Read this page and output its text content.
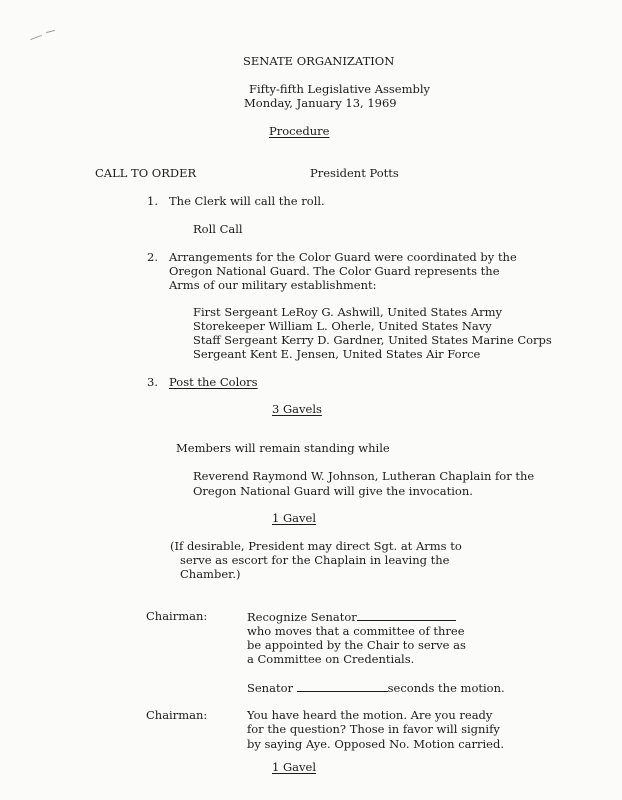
SENATE ORGANIZATION
Fifty-fifth Legislative Assembly
Monday, January 13, 1969
Procedure
CALL TO ORDER	President Potts
1. The Clerk will call the roll.
Roll Call
2. Arrangements for the Color Guard were coordinated by the
Oregon National Guard. The Color Guard represents the
Arms of our military establishment:
First Sergeant LeRoy G. Ashwill, United States Army
Storekeeper William L. Oherle, United States Navy
Staff Sergeant Kerry D. Gardner, United States Marine Corps
Sergeant Kent E. Jensen, United States Air Force
3. Post the Colors
3 Gavels
Members will remain standing while
Reverend Raymond W. Johnson, Lutheran Chaplain for the
Oregon National Guard will give the invocation.
1 Gavel
(If desirable, President may direct Sgt. at Arms to
serve as escort for the Chaplain in leaving the
Chamber.)
Chairman:	Recognize Senator
who moves that a committee of three
be appointed by the Chair to serve as
a Committee on Credentials.
Senator	seconds the motion.
Chairman:	You have heard the motion. Are you ready
for the question? Those in favor will signify
by saying Aye. Opposed No. Motion carried.
1 Gavel
